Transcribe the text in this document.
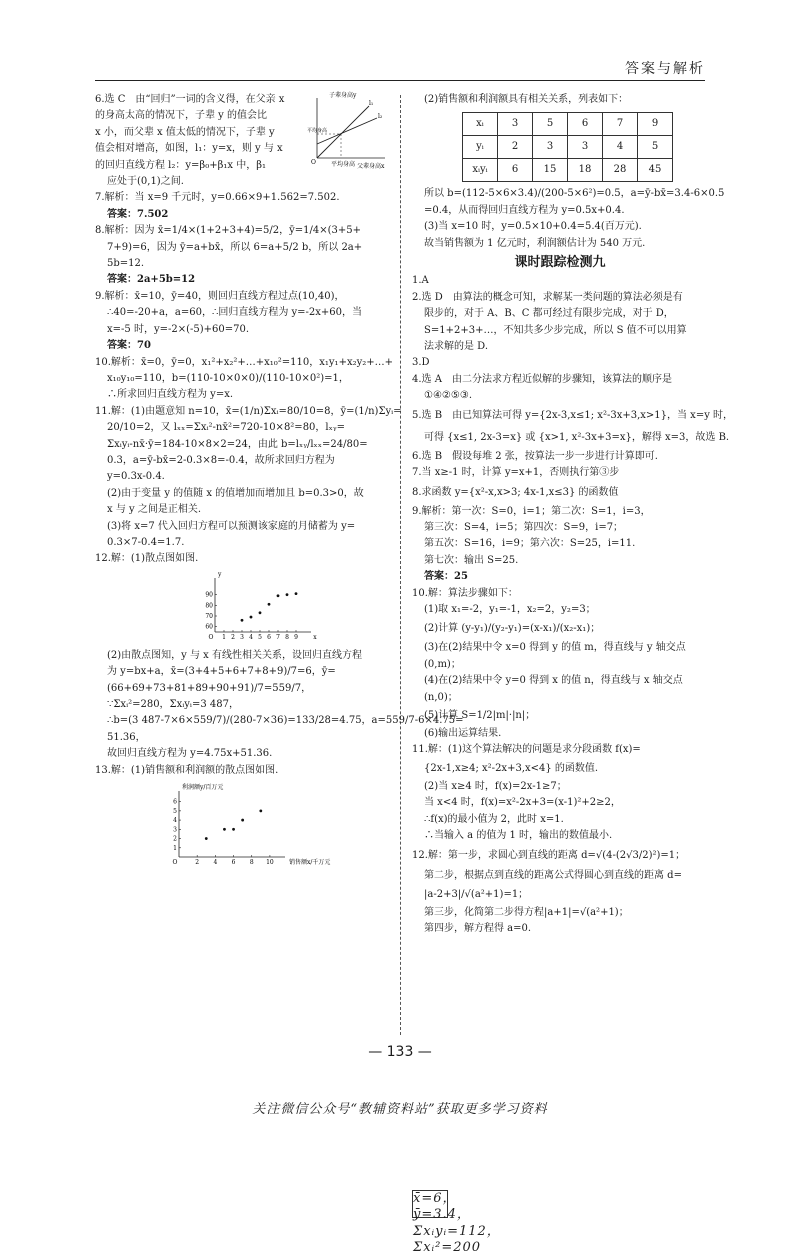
答案与解析
6.选 C　由“回归”一词的含义得，在父亲 x
的身高太高的情况下，子辈 y 的值会比
x 小，而父辈 x 值太低的情况下，子辈 y
值会相对增高，如图，l₁：y=x，则 y 与 x
的回归直线方程 l₂：y=β₀+β₁x 中，β₁
子辈身高y
父辈身高x
平均身高
平均身高
l₁
l₂
O
应处于(0,1)之间.
7.解析：当 x=9 千元时，y=0.66×9+1.562=7.502.
答案：7.502
8.解析：因为 x̄=1/4×(1+2+3+4)=5/2，ȳ=1/4×(3+5+
7+9)=6，因为 ȳ=a+bx̄，所以 6=a+5/2 b，所以 2a+
5b=12.
答案：2a+5b=12
9.解析：x̄=10，ȳ=40，则回归直线方程过点(10,40)，
∴40=-20+a，a=60，∴回归直线方程为 y=-2x+60，当
x=-5 时，y=-2×(-5)+60=70.
答案：70
10.解析：x̄=0，ȳ=0，x₁²+x₂²+…+x₁₀²=110，x₁y₁+x₂y₂+…+
x₁₀y₁₀=110，b=(110-10×0×0)/(110-10×0²)=1，
∴所求回归直线方程为 y=x.
11.解：(1)由题意知 n=10，x̄=(1/n)Σxᵢ=80/10=8，ȳ=(1/n)Σyᵢ=
20/10=2，又 lₓₓ=Σxᵢ²-nx̄²=720-10×8²=80，lₓᵧ=
Σxᵢyᵢ-nx̄·ȳ=184-10×8×2=24，由此 b=lₓᵧ/lₓₓ=24/80=
0.3，a=ȳ-bx̄=2-0.3×8=-0.4，故所求回归方程为
y=0.3x-0.4.
(2)由于变量 y 的值随 x 的值增加而增加且 b=0.3>0，故
x 与 y 之间是正相关.
(3)将 x=7 代入回归方程可以预测该家庭的月储蓄为 y=
0.3×7-0.4=1.7.
12.解：(1)散点图如图.
1 2 3 4 5 6 7 8 9
60
70
80
90
O	x
y
(2)由散点图知，y 与 x 有线性相关关系，设回归直线方程
为 y=bx+a，x̄=(3+4+5+6+7+8+9)/7=6，ȳ=
(66+69+73+81+89+90+91)/7=559/7，
∵Σxᵢ²=280，Σxᵢyᵢ=3 487，
∴b=(3 487-7×6×559/7)/(280-7×36)=133/28=4.75，a=559/7-6×4.75=
51.36，
故回归直线方程为 y=4.75x+51.36.
13.解：(1)销售额和利润额的散点图如图.
2 4 6 8 10
1
2
3
4
5
6
O	销售额x/千万元
利润额y/百万元
(2)销售额和利润额具有相关关系，列表如下：
xᵢ	3	5	6	7	9
yᵢ	2	3	3	4	5
xᵢyᵢ	6	15	18	28	45

x̄=6，ȳ=3.4，Σxᵢyᵢ=112，Σxᵢ²=200
所以 b=(112-5×6×3.4)/(200-5×6²)=0.5，a=ȳ-bx̄=3.4-6×0.5
=0.4，从而得回归直线方程为 y=0.5x+0.4.
(3)当 x=10 时，y=0.5×10+0.4=5.4(百万元).
故当销售额为 1 亿元时，利润额估计为 540 万元.
课时跟踪检测九
1.A
2.选 D　由算法的概念可知，求解某一类问题的算法必须是有
限步的，对于 A、B、C 都可经过有限步完成，对于 D，
S=1+2+3+…，不知共多少步完成，所以 S 值不可以用算
法求解的是 D.
3.D
4.选 A　由二分法求方程近似解的步骤知，该算法的顺序是
①④②⑤③.
5.选 B　由已知算法可得 y={2x-3,x≤1; x²-3x+3,x>1}，当 x=y 时，
可得 {x≤1, 2x-3=x} 或 {x>1, x²-3x+3=x}，解得 x=3，故选 B.
6.选 B　假设每堆 2 张，按算法一步一步进行计算即可.
7.当 x≥-1 时，计算 y=x+1，否则执行第③步
8.求函数 y={x²-x,x>3; 4x-1,x≤3} 的函数值
9.解析：第一次：S=0，i=1；第二次：S=1，i=3，
第三次：S=4，i=5；第四次：S=9，i=7；
第五次：S=16，i=9；第六次：S=25，i=11.
第七次：输出 S=25.
答案：25
10.解：算法步骤如下：
(1)取 x₁=-2，y₁=-1，x₂=2，y₂=3；
(2)计算 (y-y₁)/(y₂-y₁)=(x-x₁)/(x₂-x₁)；
(3)在(2)结果中令 x=0 得到 y 的值 m，得直线与 y 轴交点
(0,m)；
(4)在(2)结果中令 y=0 得到 x 的值 n，得直线与 x 轴交点
(n,0)；
(5)计算 S=1/2|m|·|n|；
(6)输出运算结果.
11.解：(1)这个算法解决的问题是求分段函数 f(x)=
{2x-1,x≥4; x²-2x+3,x<4} 的函数值.
(2)当 x≥4 时，f(x)=2x-1≥7；
当 x<4 时，f(x)=x²-2x+3=(x-1)²+2≥2，
∴f(x)的最小值为 2，此时 x=1.
∴当输入 a 的值为 1 时，输出的数值最小.
12.解：第一步，求圆心到直线的距离 d=√(4-(2√3/2)²)=1；
第二步，根据点到直线的距离公式得圆心到直线的距离 d=
|a-2+3|/√(a²+1)=1；
第三步，化简第二步得方程|a+1|=√(a²+1)；
第四步，解方程得 a=0.
— 133 —
关注微信公众号“教辅资料站”获取更多学习资料
